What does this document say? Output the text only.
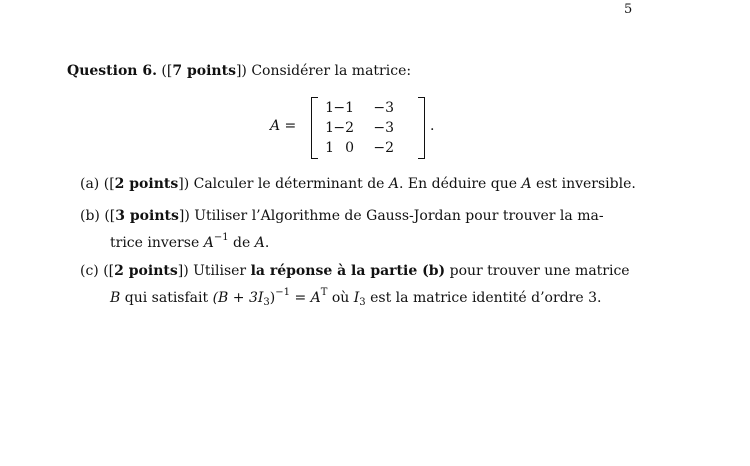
5
Question 6. ([7 points]) Considérer la matrice:
A =
1 −1	−3
1 −2	−3
1 0	−2
.
(a) ([2 points]) Calculer le déterminant de A. En déduire que A est inversible.
(b) ([3 points]) Utiliser l’Algorithme de Gauss-Jordan pour trouver la ma-
trice inverse $A^{-1}$ de A.
(c) ([2 points]) Utiliser la réponse à la partie (b) pour trouver une matrice
B qui satisfait $(B + 3I_3)^{-1} = A^T$ où $I_3$ est la matrice identité d’ordre 3.
